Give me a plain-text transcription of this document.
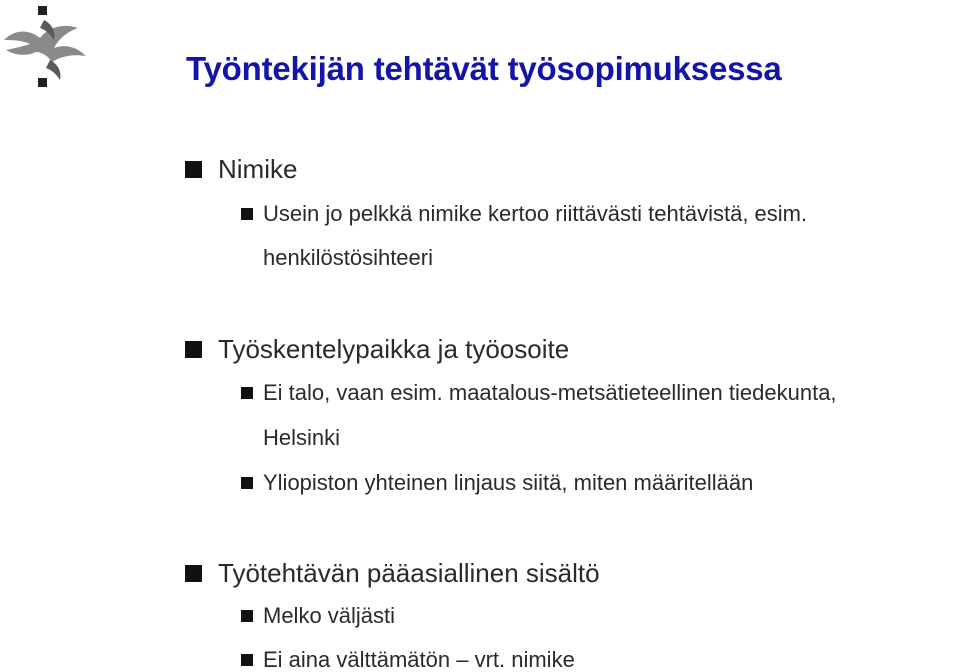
Työntekijän tehtävät työsopimuksessa
Nimike
Usein jo pelkkä nimike kertoo riittävästi tehtävistä, esim.
henkilöstösihteeri
Työskentelypaikka ja työosoite
Ei talo, vaan esim. maatalous-metsätieteellinen tiedekunta,
Helsinki
Yliopiston yhteinen linjaus siitä, miten määritellään
Työtehtävän pääasiallinen sisältö
Melko väljästi
Ei aina välttämätön – vrt. nimike
